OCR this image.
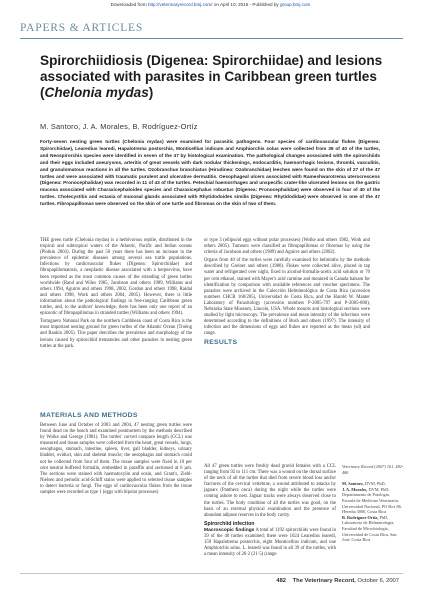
Downloaded from http://veterinaryrecord.bmj.com/ on April 10, 2015 - Published by group.bmj.com
PAPERS & ARTICLES
Spirorchiidiosis (Digenea: Spirorchiidae) and lesions associated with parasites in Caribbean green turtles (Chelonia mydas)
M. Santoro, J. A. Morales, B. Rodríguez-Ortíz

Forty-seven nesting green turtles (Chelonia mydas) were examined for parasitic pathogens. Four species of cardiovascular flukes (Digenea: Spirorchiidae), Learedius learedi, Hapalotrema postorchis, Monticellius indicum and Amphiorchis solus were collected from 39 of 40 of the turtles, and Neospirorchis species were identified in seven of the 47 by histological examination. The pathological changes associated with the spirorchiids and their eggs included aneurysms, arteritis of great vessels with dark nodular thickenings, endocarditis, haemorrhagic lesions, thrombi, vasculitis, and granulomatous reactions in all the turtles. Ozobranchus branchiatus (Hirudinea: Ozobranchidae) leeches were found on the skin of 27 of the 47 turtles and were associated with traumatic purulent and ulcerative dermatitis. Oesophageal ulcers associated with Rameshwarotrema uterocrescens (Digenea: Pronocephalidae) was recorded in 11 of 43 of the turtles. Petechial haemorrhages and unspecific crater-like ulcerated lesions on the gastric mucosa associated with Charaxicephaloides species and Charaxicephalus robustus (Digenea: Pronocephalidae) were observed in four of 40 of the turtles. Cholecystitis and ectasia of mucosal glands associated with Rhytidodoides similis (Digenea: Rhytidodidae) were observed in one of the 47 turtles. Fibropapillomas were observed on the skin of one turtle and fibromas on the skin of two of them.

THE green turtle (Chelonia mydas) is a herbivorous reptile, distributed in the tropical and subtropical waters of the Atlantic, Pacific and Indian oceans (Plotkin 2003). During the past 50 years there has been an increase in the prevalence of epidemic diseases among several sea turtle populations. Infections by cardiovascular flukes (Digenea: Spirorchiidae) and fibropapillomatosis, a neoplastic disease associated with a herpesvirus, have been reported as the most common causes of the stranding of green turtles worldwide (Rand and Wiles 1985, Jacobson and others 1989, Williams and others 1994, Aguirre and others 1998, 2002, Gordon and others 1998, Raidal and others 1998, Work and others 2004, 2005). However, there is little information about the pathological findings in free-ranging Caribbean green turtles, and, to the authors' knowledge, there has been only one report of an epizootic of fibropapillomas in stranded turtles (Williams and others 1994).

Tortuguero National Park on the northern Caribbean coast of Costa Rica is the most important nesting ground for green turtles of the Atlantic Ocean (Troëng and Rankin 2005). This paper describes the prevalence and morphology of the lesions caused by spirorchiid trematodes and other parasites in nesting green turtles at the park.

MATERIALS AND METHODS

Between June and October of 2003 and 2004, 47 nesting green turtles were found dead on the beach and examined postmortem by the methods described by Wolke and George (1981). The turtles' curved carapace length (CCL) was measured and tissue samples were collected from the heart, great vessels, lungs, oesophagus, stomach, intestine, spleen, liver, gall bladder, kidneys, urinary bladder, oviduct, skin and skeletal muscle; the oesophagus and stomach could not be collected from four of them. The tissue samples were fixed in 10 per cent neutral buffered formalin, embedded in paraffin and sectioned at 6 µm. The sections were stained with haematoxylin and eosin, and Grant's, Ziehl-Nielsen and periodic acid-Schiff stains were applied to selected tissue samples to detect bacteria or fungi. The eggs of cardiovascular flukes from the tissue samples were recorded as type 1 (eggs with bipolar processes)

or type 3 (ellipsoid eggs without polar processes) (Wolke and others 1982, Work and others 2005). Tumours were classified as fibropapillomas or fibromas by using the criteria of Jacobson and others (1989) and Aguirre and others (2002).

Organs from 40 of the turtles were carefully examined for helminths by the methods described by Greiner and others (1980). Flukes were collected alive, placed in tap water and refrigerated over night, fixed in alcohol-formalin-acetic acid solution or 70 per cent ethanol, stained with Mayer's acid carmine and mounted in Canada balsam for identification by comparison with available references and voucher specimens. The parasites were archived in the Colección Helmintológica de Costa Rica (accession numbers CHCR 168/285), Universidad de Costa Rica, and the Harold W. Manter Laboratory of Parasitology (accession numbers P-2005-797 and P-2005-800), Nebraska State Museum, Lincoln, USA. Whole mounts and histological sections were studied by light microscopy. The prevalence and mean intensity of the infections were determined according to the definitions of Bush and others (1997). The intensity of infection and the dimensions of eggs and flukes are reported as the mean (sd) and range.

RESULTS

All 47 green turtles were freshly dead gravid females with a CCL ranging from 92 to 111 cm. There was a wound on the dorsal surface of the neck of all the turtles that died from severe blood loss and/or fractures of the cervical vertebrae, a wound attributed to attacks by jaguars (Panthera onca) during the night while the turtles were coming ashore to nest. Jaguar tracks were always observed close to the turtles. The body condition of all the turtles was good, on the basis of an external physical examination and the presence of abundant adipose reserves in the body cavity.

Spirorchiid infection

Macroscopic findings A total of 1192 spirorchiids were found in 39 of the 40 turtles examined; there were 1024 Learedius learedi, 159 Hapalotrema postorchis, eight Monticellius indicum, and one Amphiorchis solus. L. learedi was found in all 39 of the turtles, with a mean intensity of 26·2 (21·5) (range

Veterinary Record (2007) 161, 482-486
M. Santoro, DVM, PhD,
J. A. Morales, DVM, PhD, Departamento de Patología, Escuela de Medicina Veterinaria, Universidad Nacional, PO Box 86, Heredia 3000, Costa Rica
B. Rodríguez-Ortíz, PhD, Laboratorio de Helmintología, Facultad de Microbiología, Universidad de Costa Rica, San José, Costa Rica
482 The Veterinary Record, October 6, 2007
